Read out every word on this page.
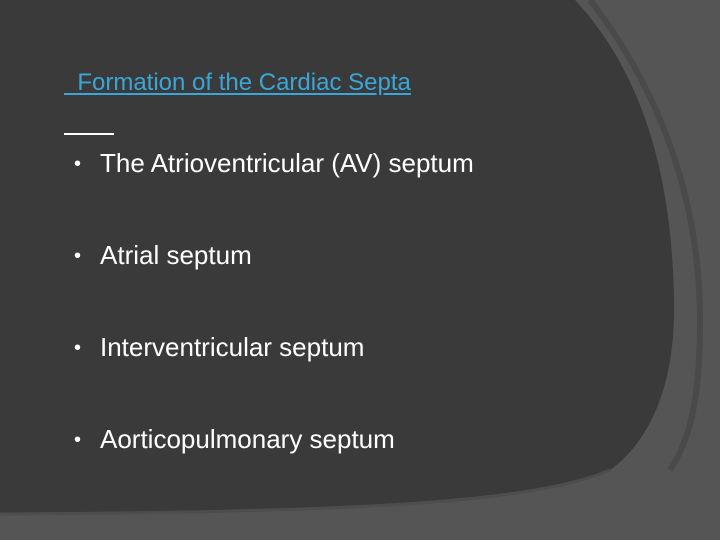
Formation of the Cardiac Septa
• The Atrioventricular (AV) septum
• Atrial septum
• Interventricular septum
• Aorticopulmonary septum
